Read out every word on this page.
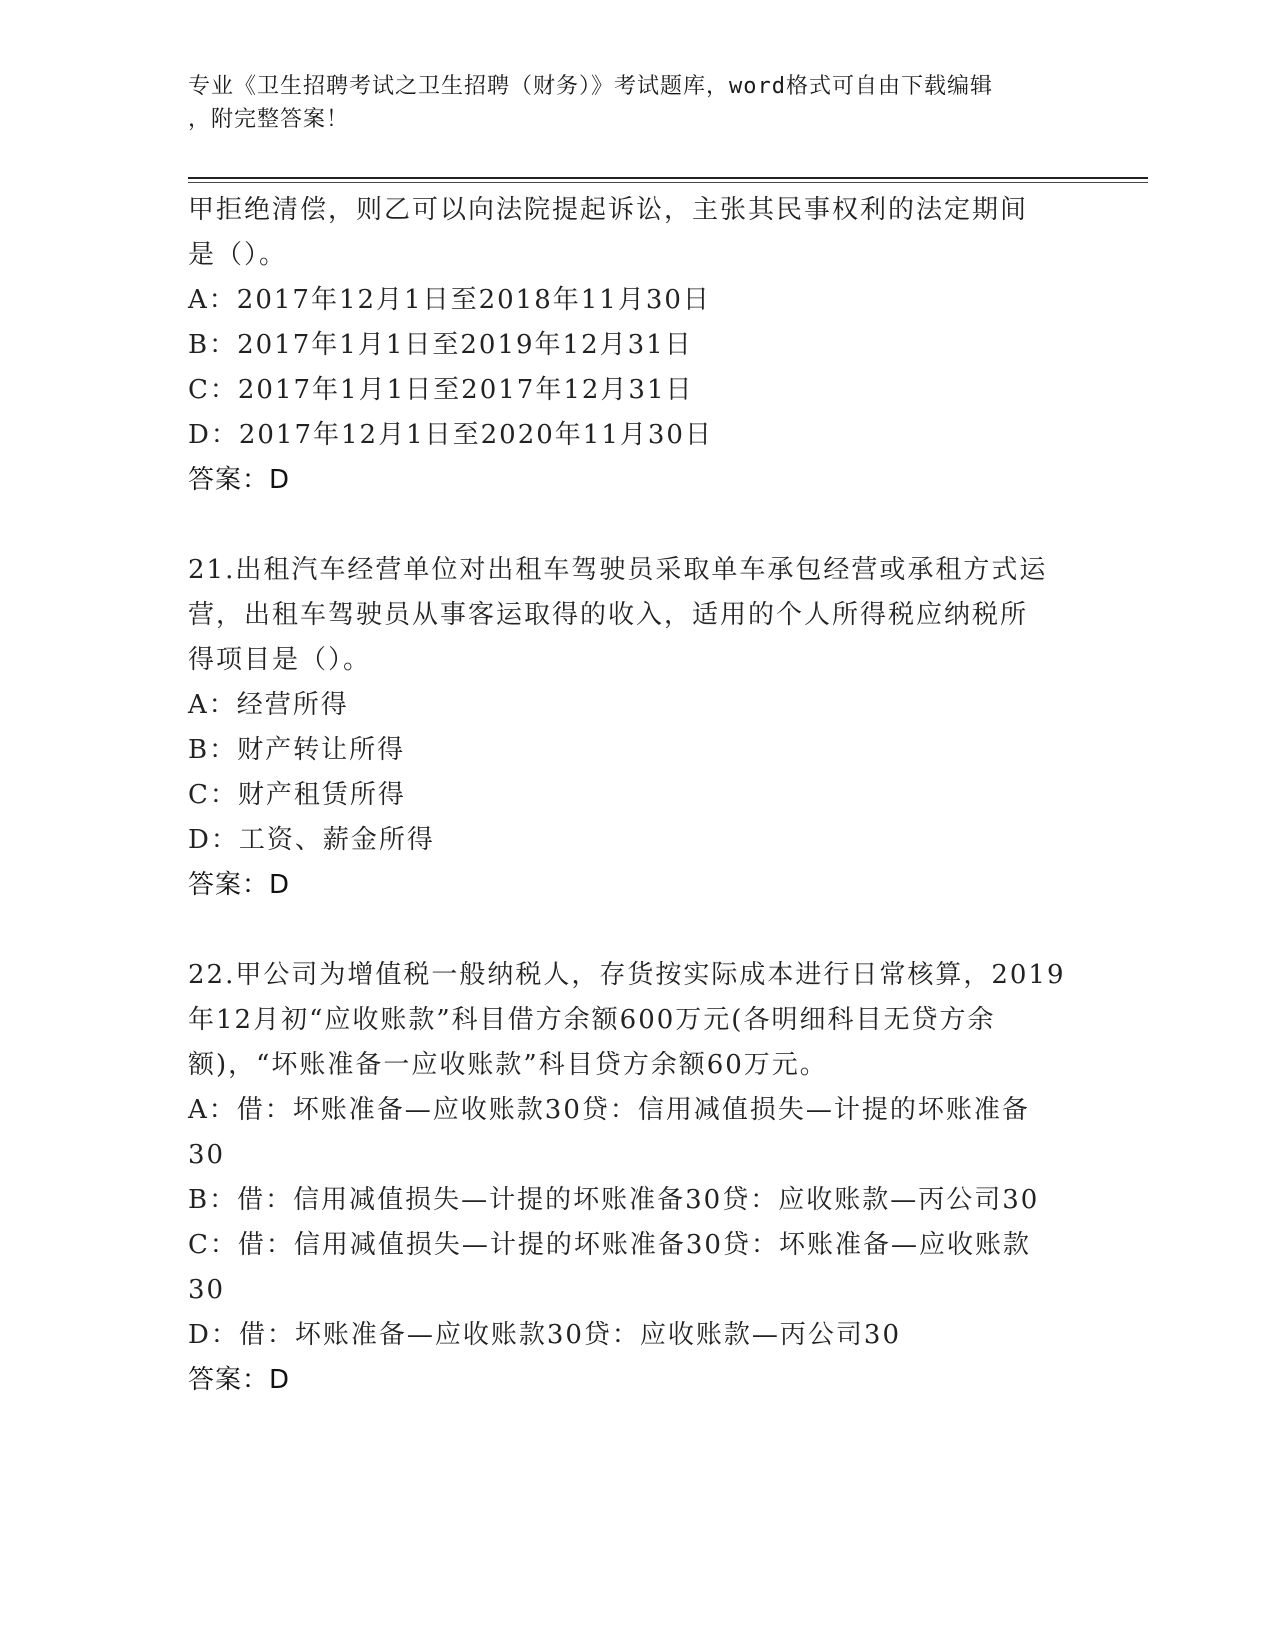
专业《卫生招聘考试之卫生招聘（财务）》考试题库，word格式可自由下载编辑
，附完整答案！
甲拒绝清偿，则乙可以向法院提起诉讼，主张其民事权利的法定期间
是（）。
A：2017年12月1日至2018年11月30日
B：2017年1月1日至2019年12月31日
C：2017年1月1日至2017年12月31日
D：2017年12月1日至2020年11月30日
答案：D
21.出租汽车经营单位对出租车驾驶员采取单车承包经营或承租方式运
营，出租车驾驶员从事客运取得的收入，适用的个人所得税应纳税所
得项目是（）。
A：经营所得
B：财产转让所得
C：财产租赁所得
D：工资、薪金所得
答案：D
22.甲公司为增值税一般纳税人，存货按实际成本进行日常核算，2019
年12月初“应收账款”科目借方余额600万元(各明细科目无贷方余
额)，“坏账准备一应收账款”科目贷方余额60万元。
A：借：坏账准备—应收账款30贷：信用减值损失—计提的坏账准备
30
B：借：信用减值损失—计提的坏账准备30贷：应收账款—丙公司30
C：借：信用减值损失—计提的坏账准备30贷：坏账准备—应收账款
30
D：借：坏账准备—应收账款30贷：应收账款—丙公司30
答案：D
